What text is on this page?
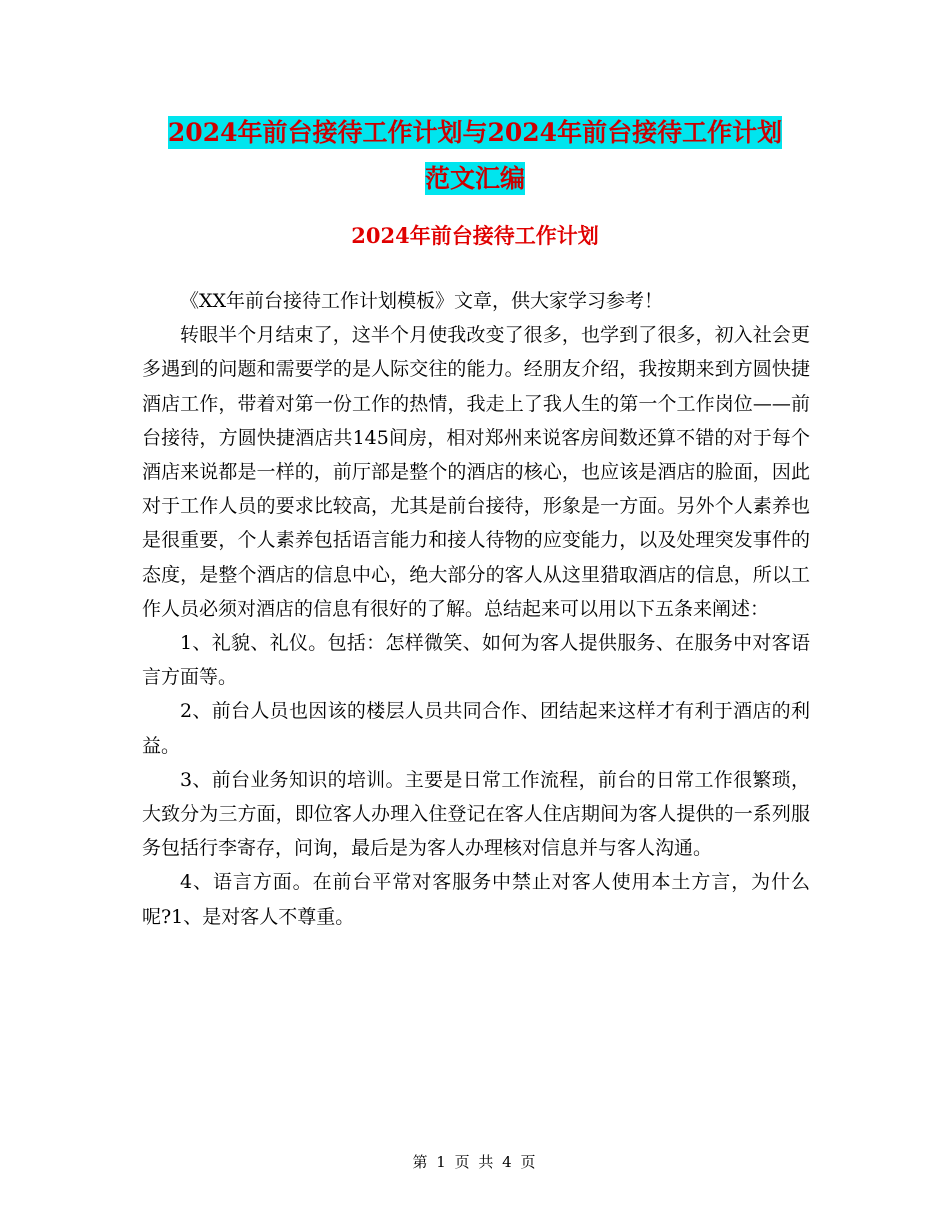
2024年前台接待工作计划与2024年前台接待工作计划
范文汇编
2024年前台接待工作计划

《XX年前台接待工作计划模板》文章，供大家学习参考！

转眼半个月结束了，这半个月使我改变了很多，也学到了很多，初入社会更多遇到的问题和需要学的是人际交往的能力。经朋友介绍，我按期来到方圆快捷酒店工作，带着对第一份工作的热情，我走上了我人生的第一个工作岗位——前台接待，方圆快捷酒店共145间房，相对郑州来说客房间数还算不错的对于每个酒店来说都是一样的，前厅部是整个的酒店的核心，也应该是酒店的脸面，因此对于工作人员的要求比较高，尤其是前台接待，形象是一方面。另外个人素养也是很重要，个人素养包括语言能力和接人待物的应变能力，以及处理突发事件的态度，是整个酒店的信息中心，绝大部分的客人从这里猎取酒店的信息，所以工作人员必须对酒店的信息有很好的了解。总结起来可以用以下五条来阐述：

1、礼貌、礼仪。包括：怎样微笑、如何为客人提供服务、在服务中对客语言方面等。

2、前台人员也因该的楼层人员共同合作、团结起来这样才有利于酒店的利益。

3、前台业务知识的培训。主要是日常工作流程，前台的日常工作很繁琐，大致分为三方面，即位客人办理入住登记在客人住店期间为客人提供的一系列服务包括行李寄存，问询，最后是为客人办理核对信息并与客人沟通。

4、语言方面。在前台平常对客服务中禁止对客人使用本土方言，为什么呢?1、是对客人不尊重。

第 1 页 共 4 页
